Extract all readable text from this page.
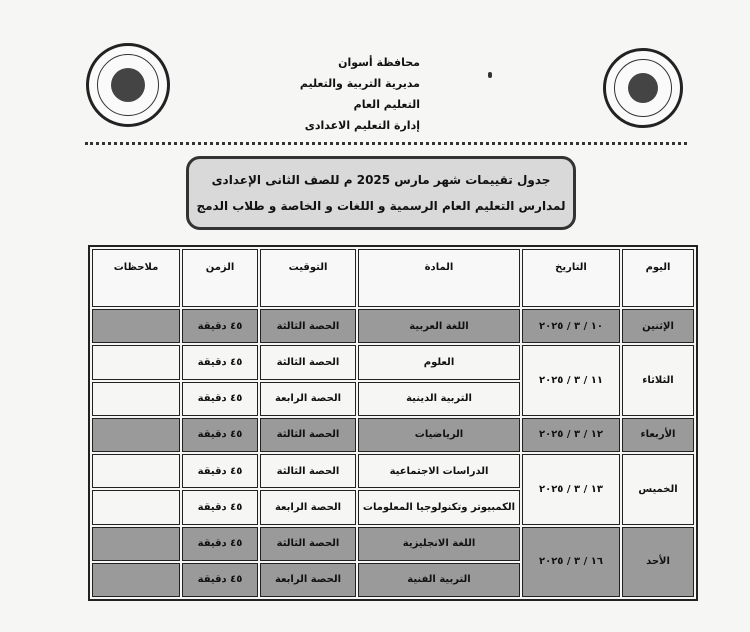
محافظة أسوان
مديرية التربية والتعليم
التعليم العام
إدارة التعليم الاعدادى
جدول تقييمات شهر مارس 2025 م للصف الثانى الإعدادى
لمدارس التعليم العام الرسمية و اللغات و الخاصة و طلاب الدمج
اليوم	التاريخ	المادة	التوقيت	الزمن	ملاحظات
الإثنين	١٠ / ٣ / ٢٠٢٥	اللغة العربية	الحصة الثالثة	٤٥ دقيقة	
الثلاثاء	١١ / ٣ / ٢٠٢٥	العلوم	الحصة الثالثة	٤٥ دقيقة	
		التربية الدينية	الحصة الرابعة	٤٥ دقيقة	
الأربعاء	١٢ / ٣ / ٢٠٢٥	الرياضيات	الحصة الثالثة	٤٥ دقيقة	
الخميس	١٣ / ٣ / ٢٠٢٥	الدراسات الاجتماعية	الحصة الثالثة	٤٥ دقيقة	
		الكمبيوتر وتكنولوجيا المعلومات	الحصة الرابعة	٤٥ دقيقة	
الأحد	١٦ / ٣ / ٢٠٢٥	اللغة الانجليزية	الحصة الثالثة	٤٥ دقيقة	
		التربية الفنية	الحصة الرابعة	٤٥ دقيقة	
